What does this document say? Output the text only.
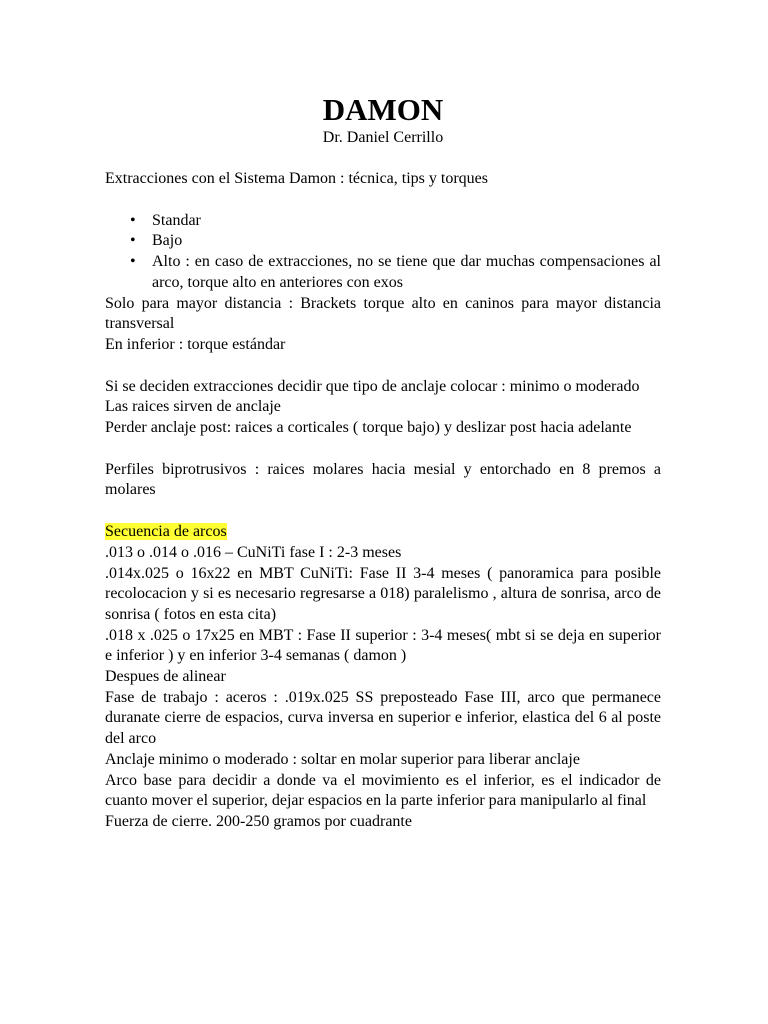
DAMON

Dr. Daniel Cerrillo

Extracciones con el Sistema Damon : técnica, tips y torques

• Standar
• Bajo
• Alto : en caso de extracciones, no se tiene que dar muchas compensaciones al arco, torque alto en anteriores con exos

Solo para mayor distancia : Brackets torque alto en caninos para mayor distancia transversal

En inferior : torque estándar

Si se deciden extracciones decidir que tipo de anclaje colocar : minimo o moderado

Las raices sirven de anclaje

Perder anclaje post: raices a corticales ( torque bajo) y deslizar post hacia adelante

Perfiles biprotrusivos : raices molares hacia mesial y entorchado en 8 premos a molares

Secuencia de arcos

.013 o .014 o .016 – CuNiTi fase I : 2-3 meses

.014x.025 o 16x22 en MBT CuNiTi: Fase II 3-4 meses ( panoramica para posible recolocacion y si es necesario regresarse a 018) paralelismo , altura de sonrisa, arco de sonrisa ( fotos en esta cita)

.018 x .025 o 17x25 en MBT : Fase II superior : 3-4 meses( mbt si se deja en superior e inferior ) y en inferior 3-4 semanas ( damon )

Despues de alinear

Fase de trabajo : aceros : .019x.025 SS preposteado Fase III, arco que permanece duranate cierre de espacios, curva inversa en superior e inferior, elastica del 6 al poste del arco

Anclaje minimo o moderado : soltar en molar superior para liberar anclaje

Arco base para decidir a donde va el movimiento es el inferior, es el indicador de cuanto mover el superior, dejar espacios en la parte inferior para manipularlo al final

Fuerza de cierre. 200-250 gramos por cuadrante
